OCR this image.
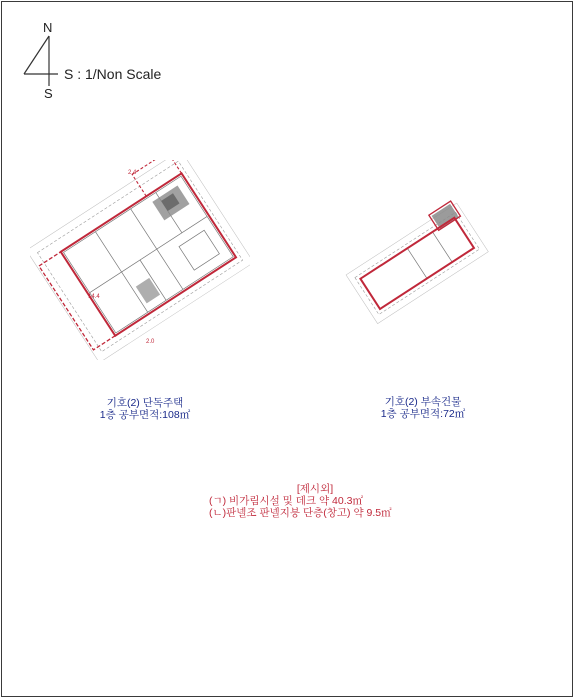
N
S
S : 1/Non Scale
2.4
14.4
2.0
기호(2) 단독주택
1층 공부면적:108㎡
기호(2) 부속건물
1층 공부면적:72㎡
[제시외]
(ㄱ) 비가림시설 및 데크 약 40.3㎡
(ㄴ)판넬조 판넬지붕 단층(창고) 약 9.5㎡
